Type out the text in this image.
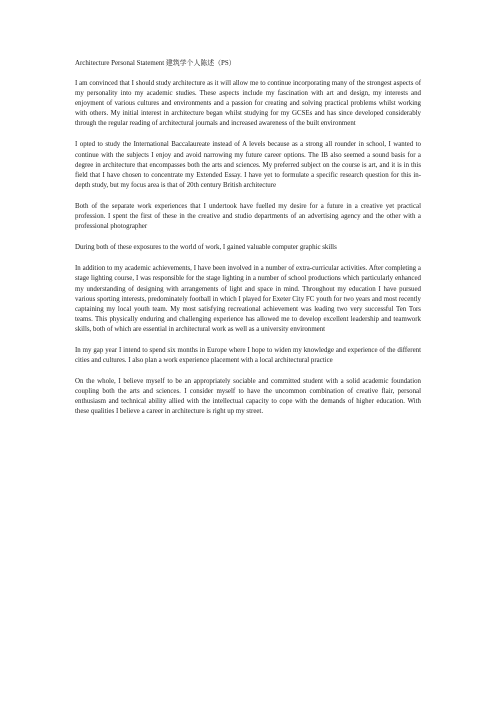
Architecture Personal Statement 建筑学个人陈述（PS）

I am convinced that I should study architecture as it will allow me to continue incorporating many of the strongest aspects of my personality into my academic studies. These aspects include my fascination with art and design, my interests and enjoyment of various cultures and environments and a passion for creating and solving practical problems whilst working with others. My initial interest in architecture began whilst studying for my GCSEs and has since developed considerably through the regular reading of architectural journals and increased awareness of the built environment

I opted to study the International Baccalaureate instead of A levels because as a strong all rounder in school, I wanted to continue with the subjects I enjoy and avoid narrowing my future career options. The IB also seemed a sound basis for a degree in architecture that encompasses both the arts and sciences. My preferred subject on the course is art, and it is in this field that I have chosen to concentrate my Extended Essay. I have yet to formulate a specific research question for this in-depth study, but my focus area is that of 20th century British architecture

Both of the separate work experiences that I undertook have fuelled my desire for a future in a creative yet practical profession. I spent the first of these in the creative and studio departments of an advertising agency and the other with a professional photographer

During both of these exposures to the world of work, I gained valuable computer graphic skills

In addition to my academic achievements, I have been involved in a number of extra-curricular activities. After completing a stage lighting course, I was responsible for the stage lighting in a number of school productions which particularly enhanced my understanding of designing with arrangements of light and space in mind. Throughout my education I have pursued various sporting interests, predominately football in which I played for Exeter City FC youth for two years and most recently captaining my local youth team. My most satisfying recreational achievement was leading two very successful Ten Tors teams. This physically enduring and challenging experience has allowed me to develop excellent leadership and teamwork skills, both of which are essential in architectural work as well as a university environment

In my gap year I intend to spend six months in Europe where I hope to widen my knowledge and experience of the different cities and cultures. I also plan a work experience placement with a local architectural practice

On the whole, I believe myself to be an appropriately sociable and committed student with a solid academic foundation coupling both the arts and sciences. I consider myself to have the uncommon combination of creative flair, personal enthusiasm and technical ability allied with the intellectual capacity to cope with the demands of higher education. With these qualities I believe a career in architecture is right up my street.
